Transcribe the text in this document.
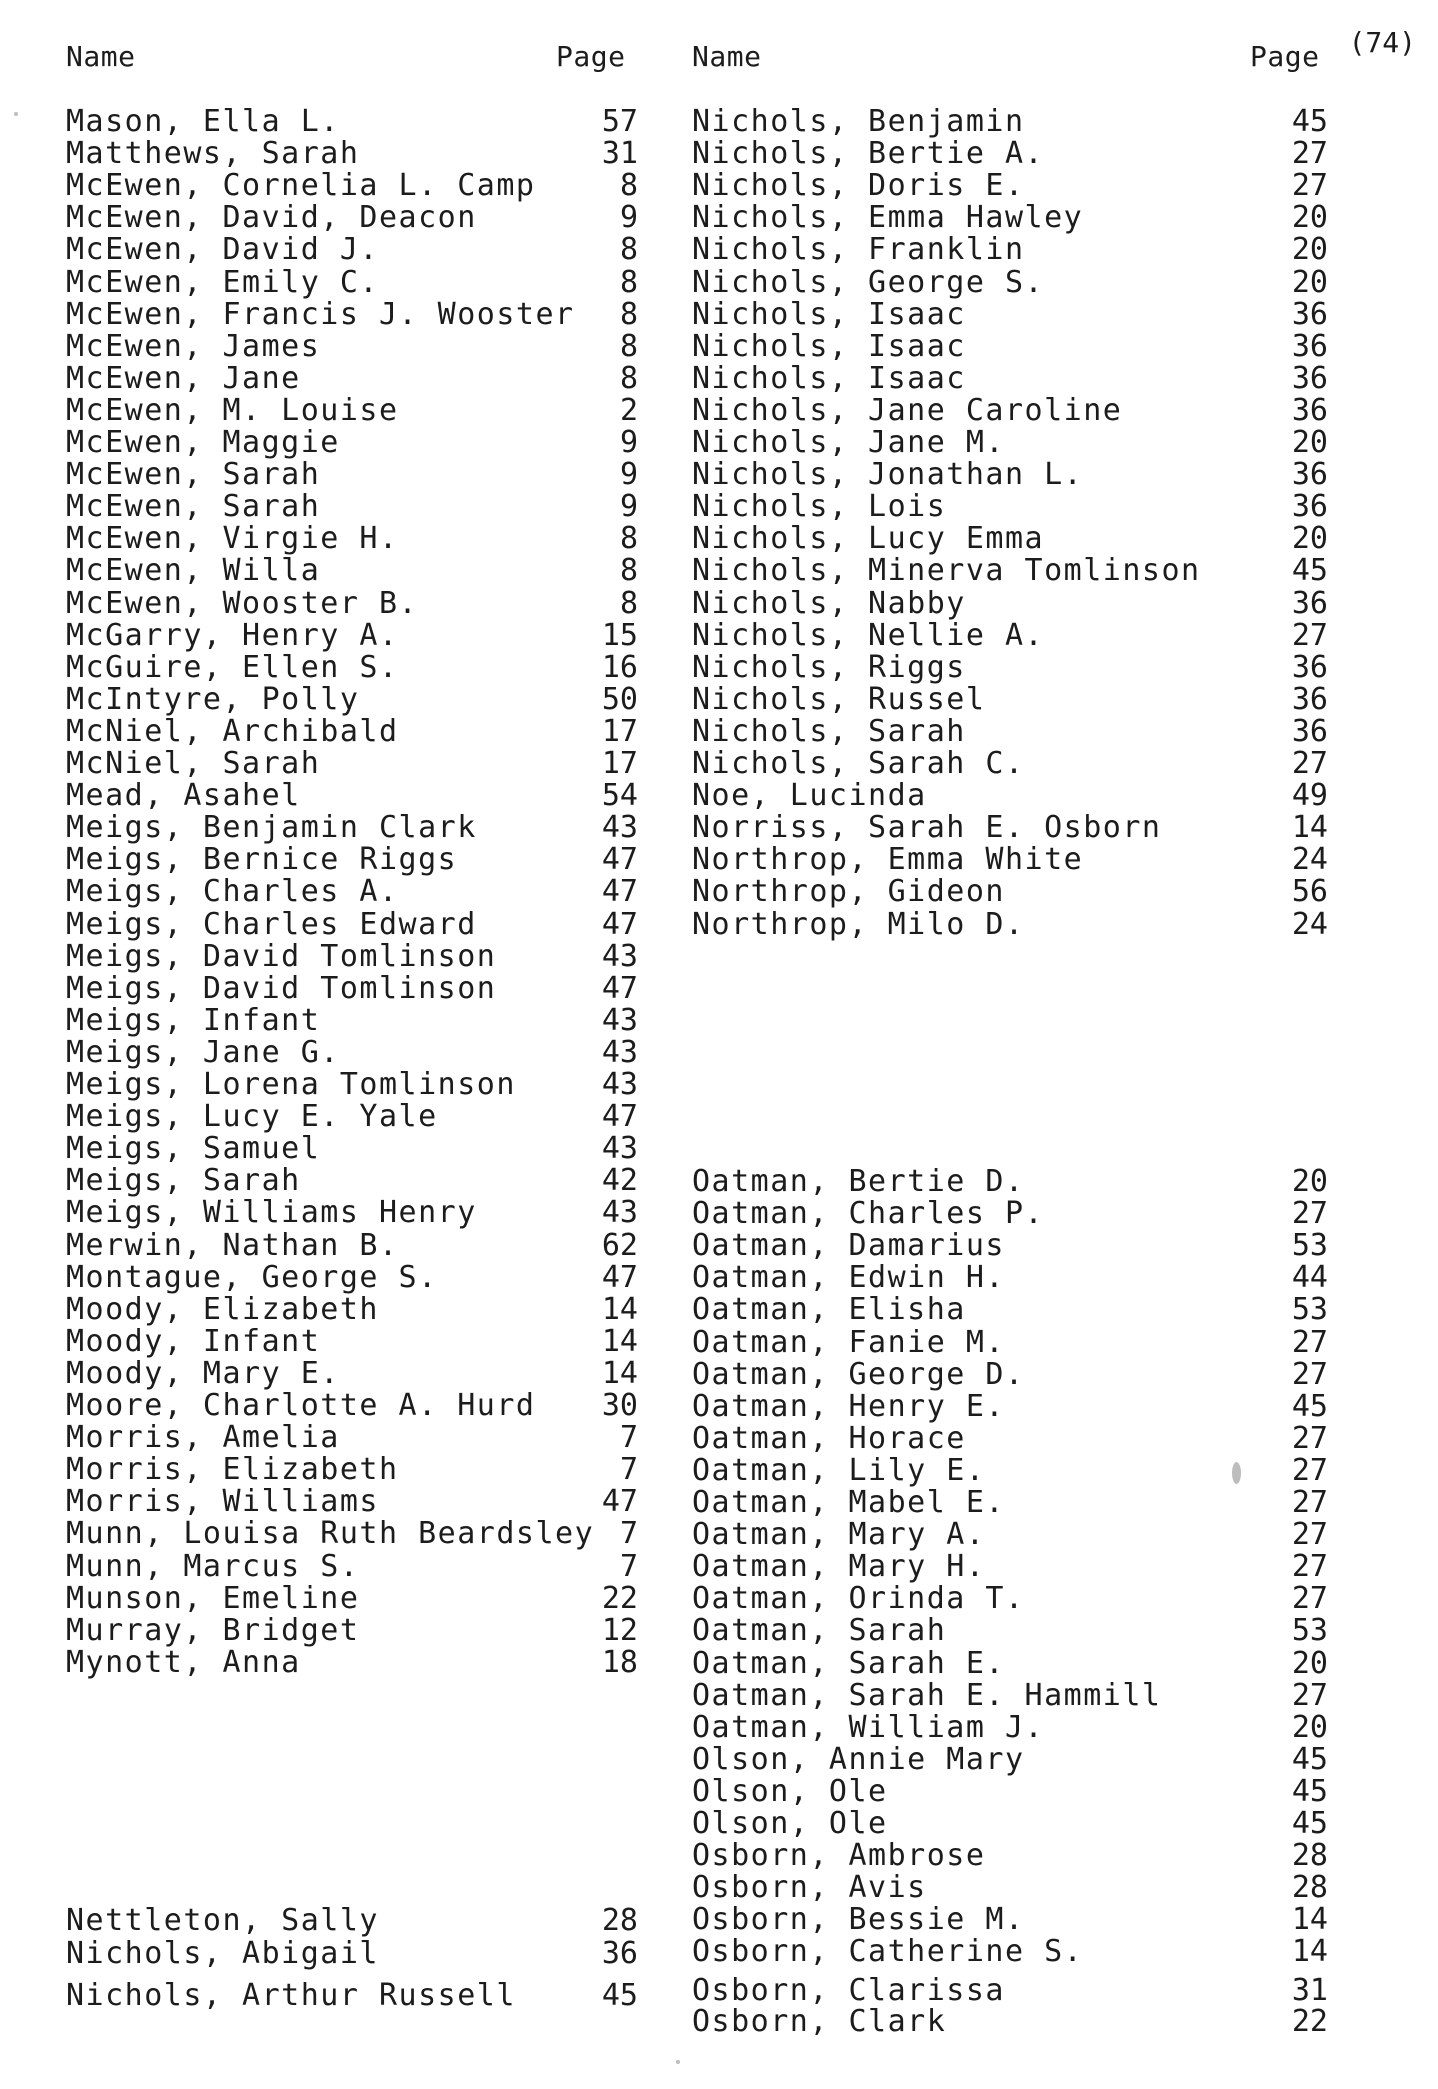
Name	Page Name	Page (74)
Mason, Ella L.	57
Matthews, Sarah	31
McEwen, Cornelia L. Camp	8
McEwen, David, Deacon	9
McEwen, David J.	8
McEwen, Emily C.	8
McEwen, Francis J. Wooster 8
McEwen, James	8
McEwen, Jane	8
McEwen, M. Louise	2
McEwen, Maggie	9
McEwen, Sarah	9
McEwen, Sarah	9
McEwen, Virgie H.	8
McEwen, Willa	8
McEwen, Wooster B.	8
McGarry, Henry A.	15
McGuire, Ellen S.	16
McIntyre, Polly	50
McNiel, Archibald	17
McNiel, Sarah	17
Mead, Asahel	54
Meigs, Benjamin Clark	43
Meigs, Bernice Riggs	47
Meigs, Charles A.	47
Meigs, Charles Edward	47
Meigs, David Tomlinson	43
Meigs, David Tomlinson	47
Meigs, Infant	43
Meigs, Jane G.	43
Meigs, Lorena Tomlinson	43
Meigs, Lucy E. Yale	47
Meigs, Samuel	43
Meigs, Sarah	42
Meigs, Williams Henry	43
Merwin, Nathan B.	62
Montague, George S.	47
Moody, Elizabeth	14
Moody, Infant	14
Moody, Mary E.	14
Moore, Charlotte A. Hurd 30
Morris, Amelia	7
Morris, Elizabeth	7
Morris, Williams	47
Munn, Louisa Ruth Beardsley 7
Munn, Marcus S.	7
Munson, Emeline	22
Murray, Bridget	12
Mynott, Anna	18
Nettleton, Sally	28
Nichols, Abigail	36
Nichols, Arthur Russell	45
Nichols, Benjamin	45
Nichols, Bertie A.	27
Nichols, Doris E.	27
Nichols, Emma Hawley	20
Nichols, Franklin	20
Nichols, George S.	20
Nichols, Isaac	36
Nichols, Isaac	36
Nichols, Isaac	36
Nichols, Jane Caroline	36
Nichols, Jane M.	20
Nichols, Jonathan L.	36
Nichols, Lois	36
Nichols, Lucy Emma	20
Nichols, Minerva Tomlinson	45
Nichols, Nabby	36
Nichols, Nellie A.	27
Nichols, Riggs	36
Nichols, Russel	36
Nichols, Sarah	36
Nichols, Sarah C.	27
Noe, Lucinda	49
Norriss, Sarah E. Osborn	14
Northrop, Emma White	24
Northrop, Gideon	56
Northrop, Milo D.	24
Oatman, Bertie D.	20
Oatman, Charles P.	27
Oatman, Damarius	53
Oatman, Edwin H.	44
Oatman, Elisha	53
Oatman, Fanie M.	27
Oatman, George D.	27
Oatman, Henry E.	45
Oatman, Horace	27
Oatman, Lily E.	27
Oatman, Mabel E.	27
Oatman, Mary A.	27
Oatman, Mary H.	27
Oatman, Orinda T.	27
Oatman, Sarah	53
Oatman, Sarah E.	20
Oatman, Sarah E. Hammill	27
Oatman, William J.	20
Olson, Annie Mary	45
Olson, Ole	45
Olson, Ole	45
Osborn, Ambrose	28
Osborn, Avis	28
Osborn, Bessie M.	14
Osborn, Catherine S.	14
Osborn, Clarissa	31
Osborn, Clark	22
